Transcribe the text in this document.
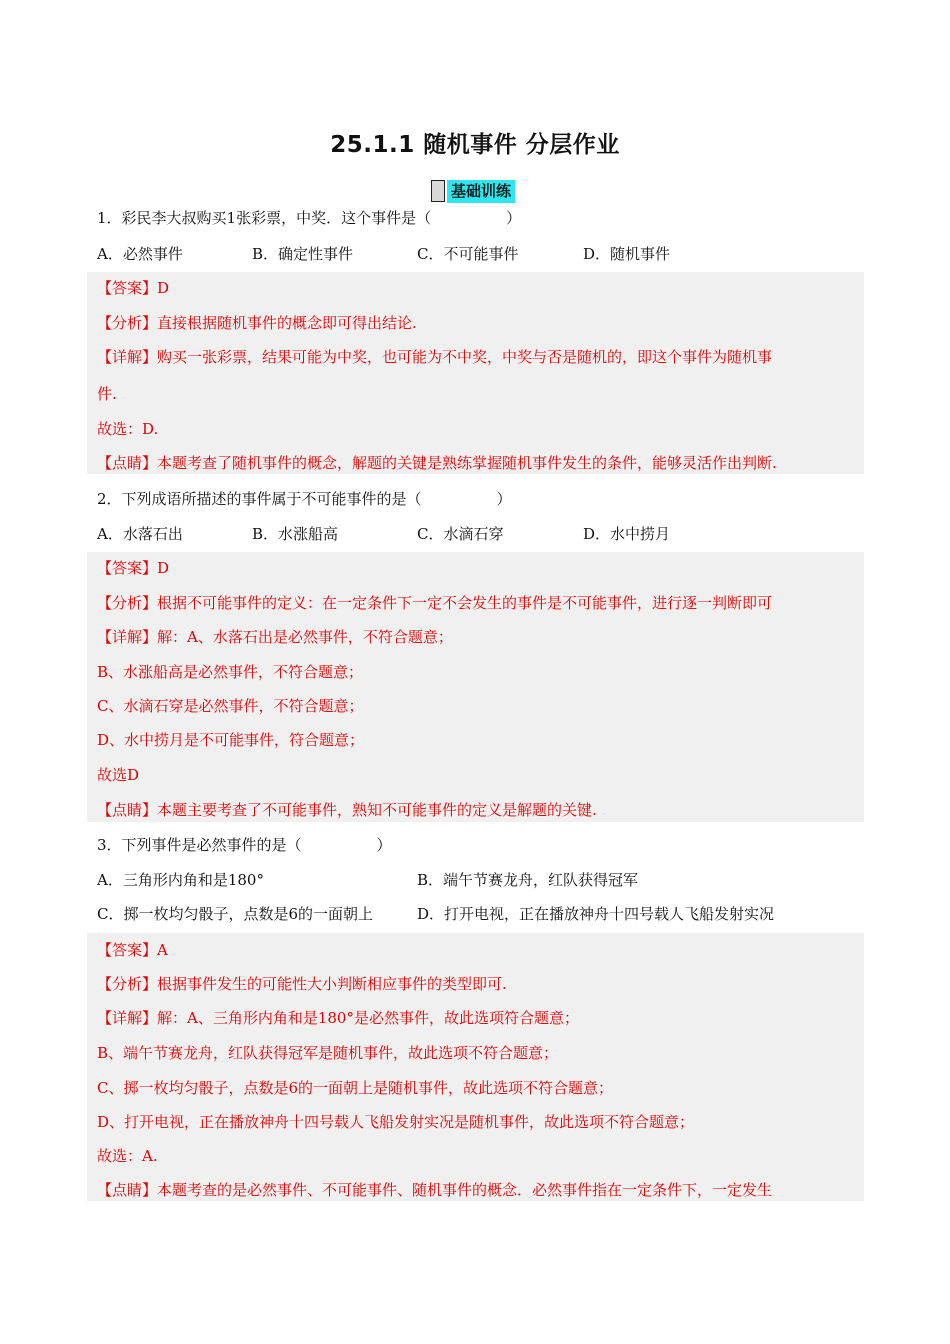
25.1.1 随机事件 分层作业
基础训练
1．彩民李大叔购买1张彩票，中奖．这个事件是（　　　　　）
A．必然事件	B．确定性事件	C．不可能事件	D．随机事件
【答案】D
【分析】直接根据随机事件的概念即可得出结论.
【详解】购买一张彩票，结果可能为中奖，也可能为不中奖，中奖与否是随机的，即这个事件为随机事
件.
故选：D.
【点睛】本题考查了随机事件的概念，解题的关键是熟练掌握随机事件发生的条件，能够灵活作出判断.
2．下列成语所描述的事件属于不可能事件的是（　　　　　）
A．水落石出	B．水涨船高	C．水滴石穿	D．水中捞月
【答案】D
【分析】根据不可能事件的定义：在一定条件下一定不会发生的事件是不可能事件，进行逐一判断即可
【详解】解：A、水落石出是必然事件，不符合题意；
B、水涨船高是必然事件，不符合题意；
C、水滴石穿是必然事件，不符合题意；
D、水中捞月是不可能事件，符合题意；
故选D
【点睛】本题主要考查了不可能事件，熟知不可能事件的定义是解题的关键.
3．下列事件是必然事件的是（　　　　　）
A．三角形内角和是180°	B．端午节赛龙舟，红队获得冠军
C．掷一枚均匀骰子，点数是6的一面朝上	D．打开电视，正在播放神舟十四号载人飞船发射实况
【答案】A
【分析】根据事件发生的可能性大小判断相应事件的类型即可.
【详解】解：A、三角形内角和是180°是必然事件，故此选项符合题意；
B、端午节赛龙舟，红队获得冠军是随机事件，故此选项不符合题意；
C、掷一枚均匀骰子，点数是6的一面朝上是随机事件，故此选项不符合题意；
D、打开电视，正在播放神舟十四号载人飞船发射实况是随机事件，故此选项不符合题意；
故选：A.
【点睛】本题考查的是必然事件、不可能事件、随机事件的概念．必然事件指在一定条件下，一定发生
